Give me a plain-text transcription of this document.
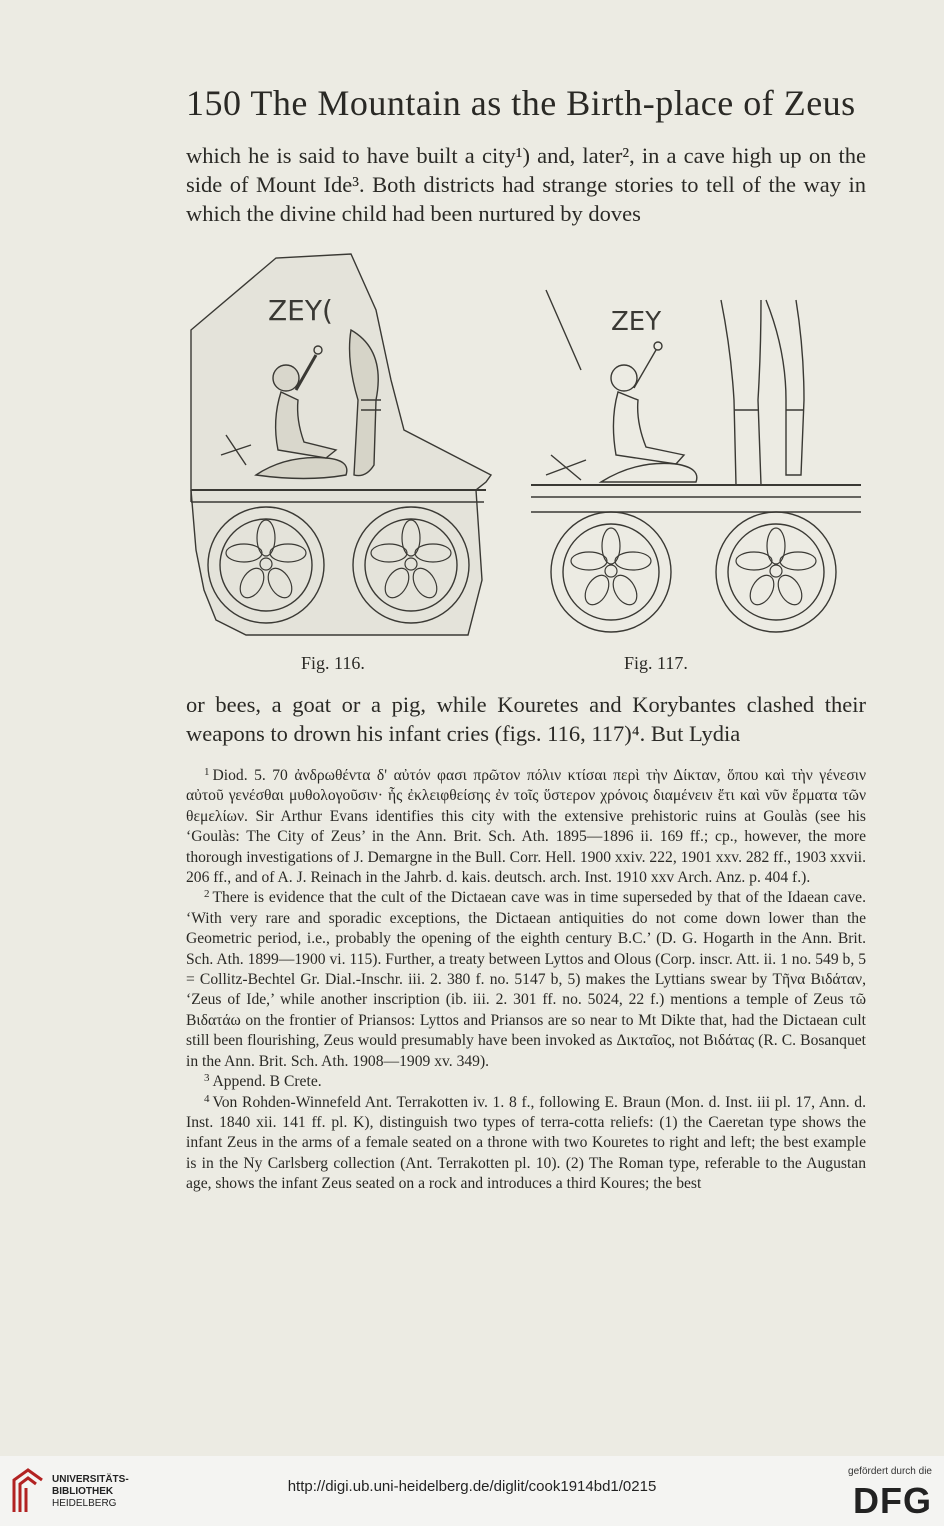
150 The Mountain as the Birth-place of Zeus

which he is said to have built a city¹) and, later², in a cave high up on the side of Mount Ide³. Both districts had strange stories to tell of the way in which the divine child had been nurtured by doves

ΖΕΥ(	ΖΕΥ
Fig. 116.	Fig. 117.

or bees, a goat or a pig, while Kouretes and Korybantes clashed their weapons to drown his infant cries (figs. 116, 117)⁴. But Lydia

$^1$ Diod. 5. 70 ἀνδρωθέντα δ' αὐτόν φασι πρῶτον πόλιν κτίσαι περὶ τὴν Δίκταν, ὅπου καὶ τὴν γένεσιν αὐτοῦ γενέσθαι μυθολογοῦσιν· ἧς ἐκλειφθείσης ἐν τοῖς ὕστερον χρόνοις διαμένειν ἔτι καὶ νῦν ἔρματα τῶν θεμελίων. Sir Arthur Evans identifies this city with the extensive prehistoric ruins at Goulàs (see his ‘Goulàs: The City of Zeus’ in the Ann. Brit. Sch. Ath. 1895—1896 ii. 169 ff.; cp., however, the more thorough investigations of J. Demargne in the Bull. Corr. Hell. 1900 xxiv. 222, 1901 xxv. 282 ff., 1903 xxvii. 206 ff., and of A. J. Reinach in the Jahrb. d. kais. deutsch. arch. Inst. 1910 xxv Arch. Anz. p. 404 f.).

$^2$ There is evidence that the cult of the Dictaean cave was in time superseded by that of the Idaean cave. ‘With very rare and sporadic exceptions, the Dictaean antiquities do not come down lower than the Geometric period, i.e., probably the opening of the eighth century B.C.’ (D. G. Hogarth in the Ann. Brit. Sch. Ath. 1899—1900 vi. 115). Further, a treaty between Lyttos and Olous (Corp. inscr. Att. ii. 1 no. 549 b, 5 = Collitz-Bechtel Gr. Dial.-Inschr. iii. 2. 380 f. no. 5147 b, 5) makes the Lyttians swear by Τῆνα Βιδάταν, ‘Zeus of Ide,’ while another inscription (ib. iii. 2. 301 ff. no. 5024, 22 f.) mentions a temple of Zeus τῶ Βιδατάω on the frontier of Priansos: Lyttos and Priansos are so near to Mt Dikte that, had the Dictaean cult still been flourishing, Zeus would presumably have been invoked as Δικταῖος, not Βιδάτας (R. C. Bosanquet in the Ann. Brit. Sch. Ath. 1908—1909 xv. 349).

$^3$ Append. B Crete.

$^4$ Von Rohden-Winnefeld Ant. Terrakotten iv. 1. 8 f., following E. Braun (Mon. d. Inst. iii pl. 17, Ann. d. Inst. 1840 xii. 141 ff. pl. K), distinguish two types of terra-cotta reliefs: (1) the Caeretan type shows the infant Zeus in the arms of a female seated on a throne with two Kouretes to right and left; the best example is in the Ny Carlsberg collection (Ant. Terrakotten pl. 10). (2) The Roman type, referable to the Augustan age, shows the infant Zeus seated on a rock and introduces a third Koures; the best

UNIVERSITÄTS-
BIBLIOTHEK
HEIDELBERG
http://digi.ub.uni-heidelberg.de/diglit/cook1914bd1/0215
gefördert durch die
DFG
